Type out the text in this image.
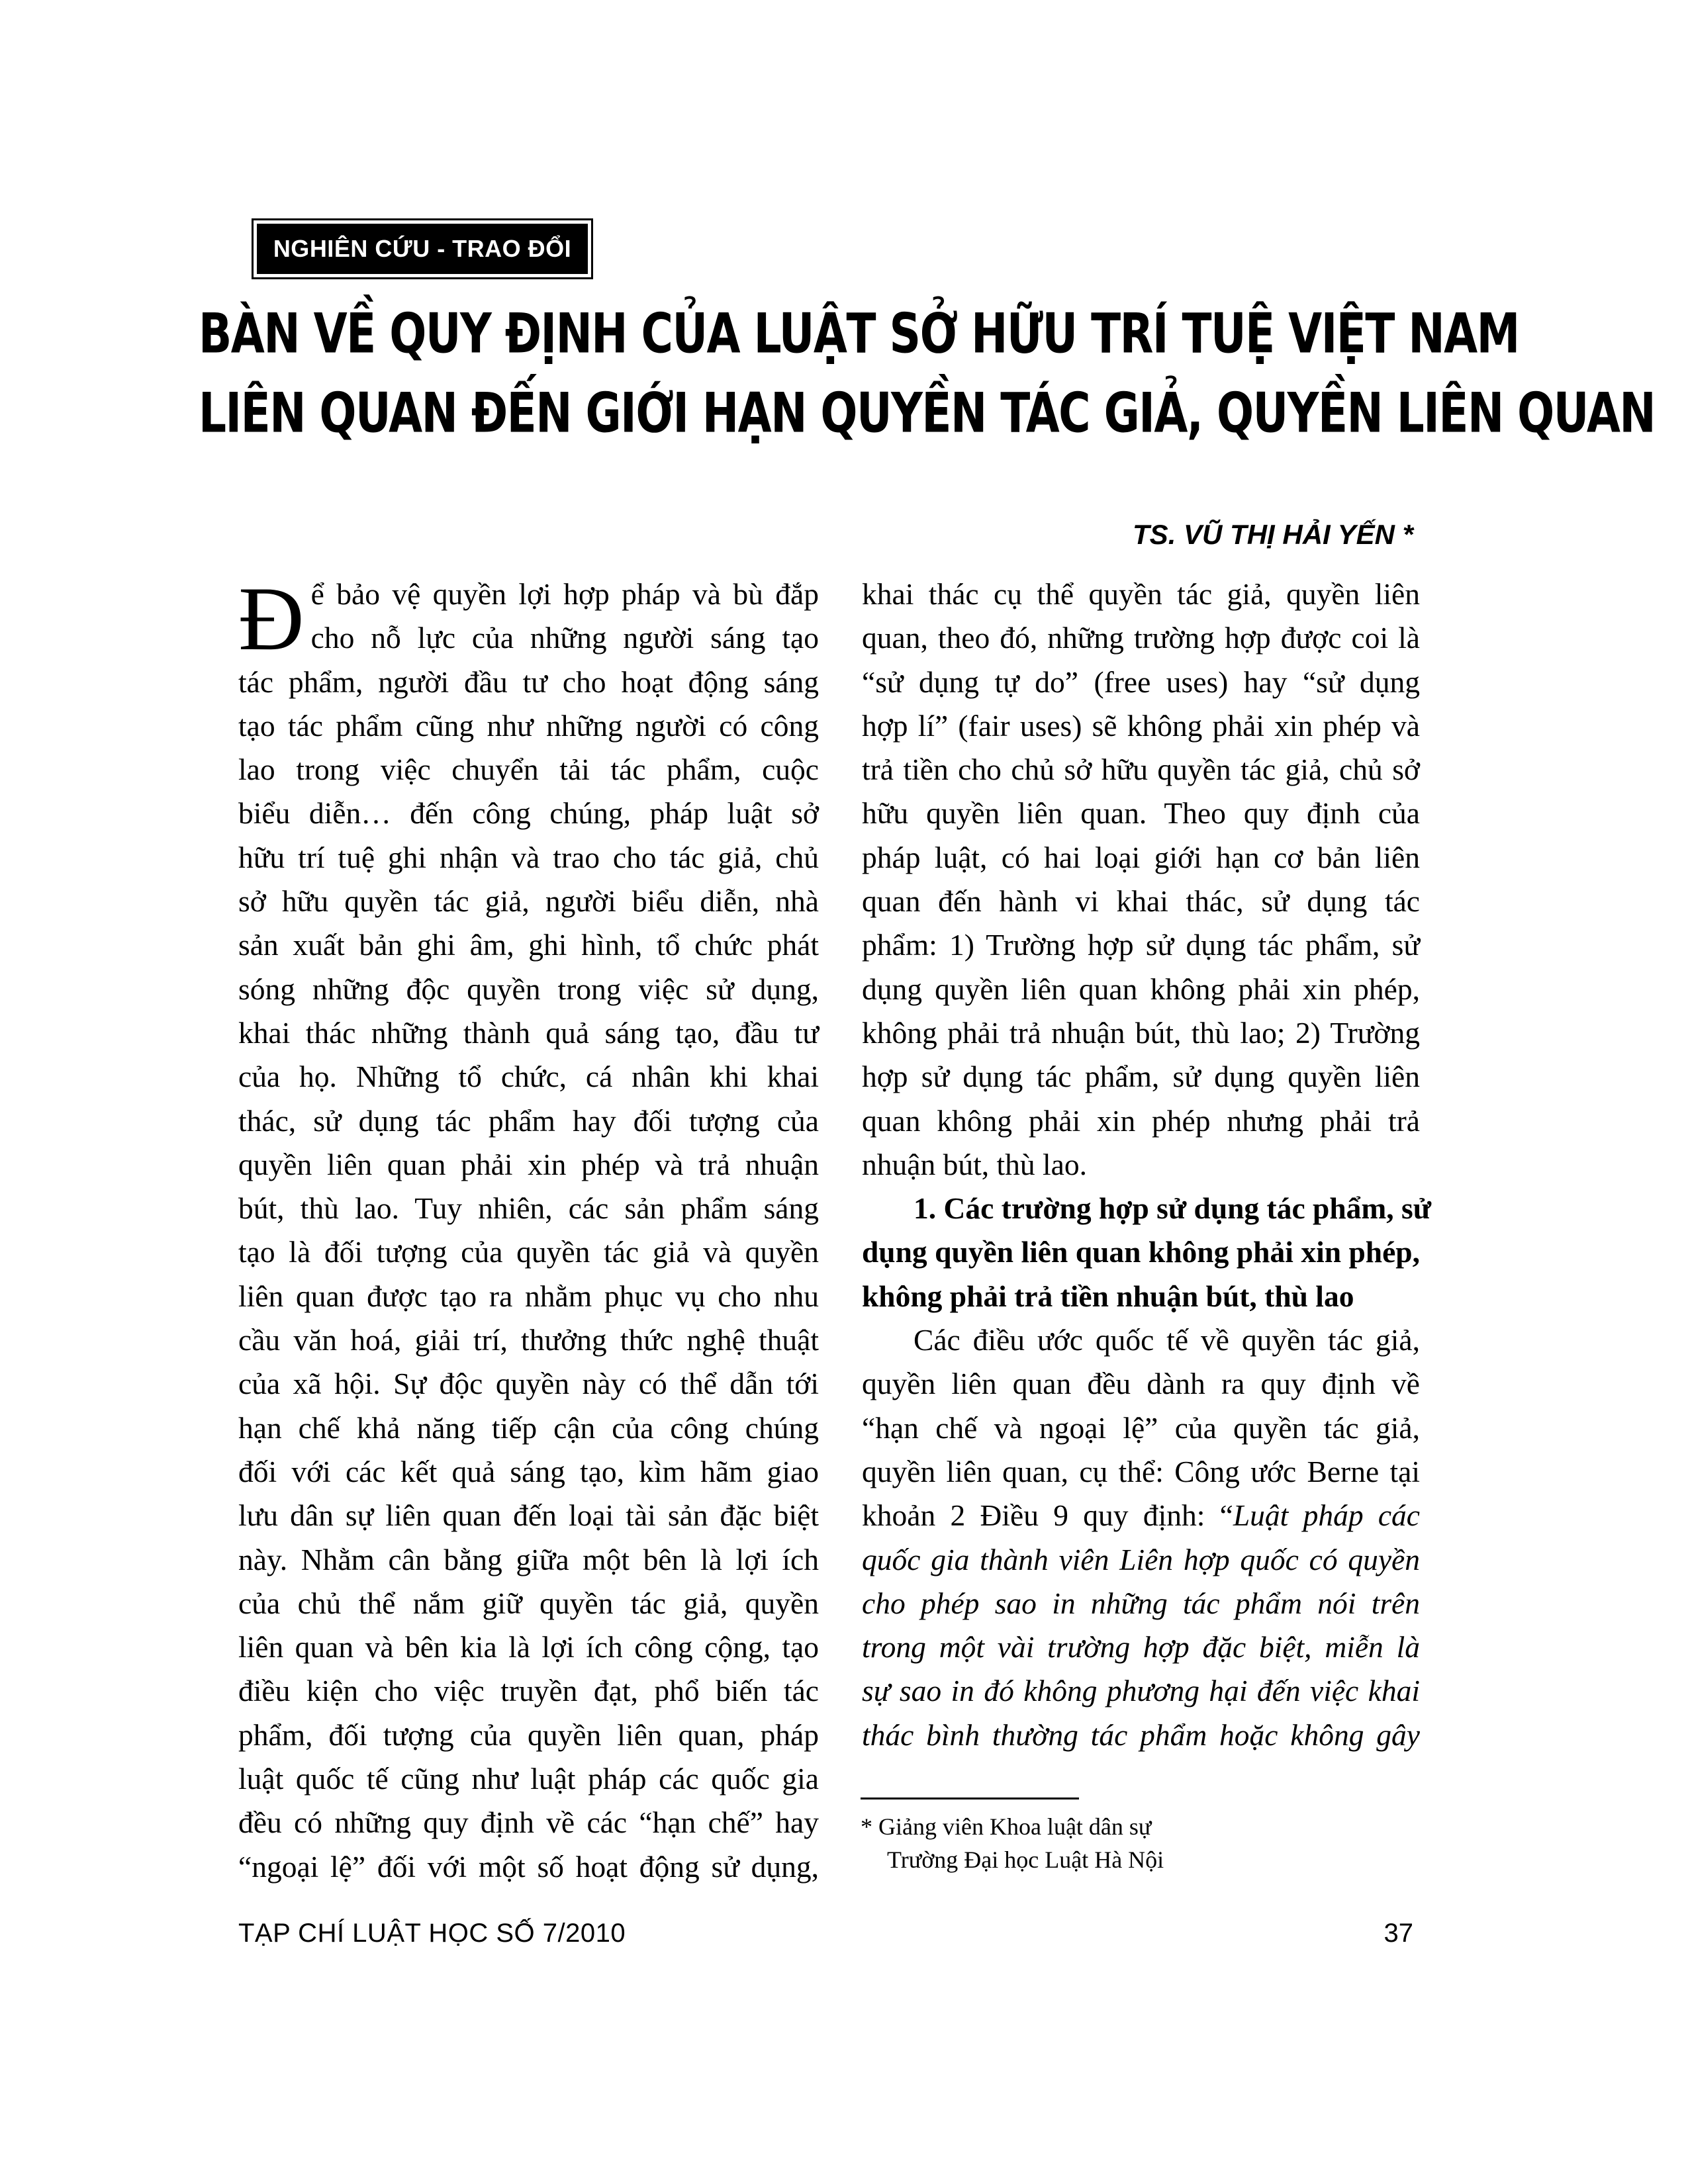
NGHIÊN CỨU - TRAO ĐỔI
BÀN VỀ QUY ĐỊNH CỦA LUẬT SỞ HỮU TRÍ TUỆ VIỆT NAM
LIÊN QUAN ĐẾN GIỚI HẠN QUYỀN TÁC GIẢ, QUYỀN LIÊN QUAN
TS. VŨ THỊ HẢI YẾN *
Đ ể bảo vệ quyền lợi hợp pháp và bù đắp
cho nỗ lực của những người sáng tạo
tác phẩm, người đầu tư cho hoạt động sáng
tạo tác phẩm cũng như những người có công
lao trong việc chuyển tải tác phẩm, cuộc
biểu diễn… đến công chúng, pháp luật sở
hữu trí tuệ ghi nhận và trao cho tác giả, chủ
sở hữu quyền tác giả, người biểu diễn, nhà
sản xuất bản ghi âm, ghi hình, tổ chức phát
sóng những độc quyền trong việc sử dụng,
khai thác những thành quả sáng tạo, đầu tư
của họ. Những tổ chức, cá nhân khi khai
thác, sử dụng tác phẩm hay đối tượng của
quyền liên quan phải xin phép và trả nhuận
bút, thù lao. Tuy nhiên, các sản phẩm sáng
tạo là đối tượng của quyền tác giả và quyền
liên quan được tạo ra nhằm phục vụ cho nhu
cầu văn hoá, giải trí, thưởng thức nghệ thuật
của xã hội. Sự độc quyền này có thể dẫn tới
hạn chế khả năng tiếp cận của công chúng
đối với các kết quả sáng tạo, kìm hãm giao
lưu dân sự liên quan đến loại tài sản đặc biệt
này. Nhằm cân bằng giữa một bên là lợi ích
của chủ thể nắm giữ quyền tác giả, quyền
liên quan và bên kia là lợi ích công cộng, tạo
điều kiện cho việc truyền đạt, phổ biến tác
phẩm, đối tượng của quyền liên quan, pháp
luật quốc tế cũng như luật pháp các quốc gia
đều có những quy định về các “hạn chế” hay
“ngoại lệ” đối với một số hoạt động sử dụng,

khai thác cụ thể quyền tác giả, quyền liên
quan, theo đó, những trường hợp được coi là
“sử dụng tự do” (free uses) hay “sử dụng
hợp lí” (fair uses) sẽ không phải xin phép và
trả tiền cho chủ sở hữu quyền tác giả, chủ sở
hữu quyền liên quan. Theo quy định của
pháp luật, có hai loại giới hạn cơ bản liên
quan đến hành vi khai thác, sử dụng tác
phẩm: 1) Trường hợp sử dụng tác phẩm, sử
dụng quyền liên quan không phải xin phép,
không phải trả nhuận bút, thù lao; 2) Trường
hợp sử dụng tác phẩm, sử dụng quyền liên
quan không phải xin phép nhưng phải trả
nhuận bút, thù lao.

1. Các trường hợp sử dụng tác phẩm, sử
dụng quyền liên quan không phải xin phép,
không phải trả tiền nhuận bút, thù lao

Các điều ước quốc tế về quyền tác giả,
quyền liên quan đều dành ra quy định về
“hạn chế và ngoại lệ” của quyền tác giả,
quyền liên quan, cụ thể: Công ước Berne tại
khoản 2 Điều 9 quy định: “Luật pháp các
quốc gia thành viên Liên hợp quốc có quyền
cho phép sao in những tác phẩm nói trên
trong một vài trường hợp đặc biệt, miễn là
sự sao in đó không phương hại đến việc khai
thác bình thường tác phẩm hoặc không gây

* Giảng viên Khoa luật dân sự
Trường Đại học Luật Hà Nội
TẠP CHÍ LUẬT HỌC SỐ 7/2010	37
